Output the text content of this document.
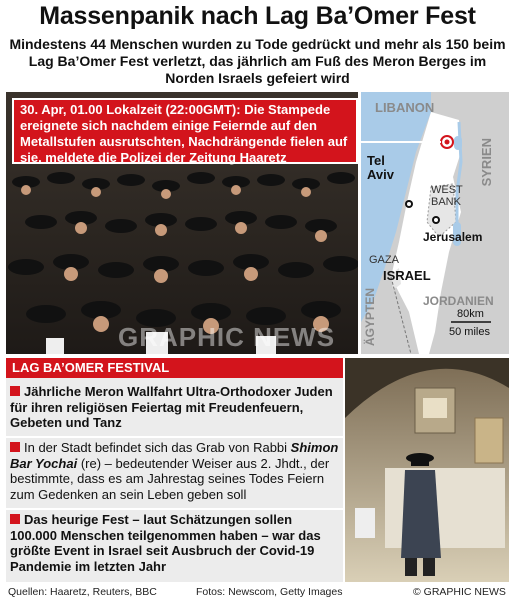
Massenpanik nach Lag Ba’Omer Fest
Mindestens 44 Menschen wurden zu Tode gedrückt und mehr als 150 beim Lag Ba’Omer Fest verletzt, das jährlich am Fuß des Meron Berges im Norden Israels gefeiert wird
30. Apr, 01.00 Lokalzeit (22:00GMT): Die Stampede ereignete sich nachdem einige Feiernde auf den Metallstufen ausrutschten, Nachdrängende fielen auf sie, meldete die Polizei der Zeitung Haaretz
LIBANON
SYRIEN
Tel Aviv
WEST BANK
Jerusalem
GAZA
ISRAEL
JORDANIEN
ÄGYPTEN	80km
50 miles
GRAPHIC NEWS
LAG BA’OMER FESTIVAL
Jährliche Meron Wallfahrt Ultra-Orthodoxer Juden für ihren religiösen Feiertag mit Freudenfeuern, Gebeten und Tanz
In der Stadt befindet sich das Grab von Rabbi Shimon Bar Yochai (re) – bedeutender Weiser aus 2. Jhdt., der bestimmte, dass es am Jahrestag seines Todes Feiern zum Gedenken an sein Leben geben soll
Das heurige Fest – laut Schätzungen sollen 100.000 Menschen teilgenommen haben – war das größte Event in Israel seit Ausbruch der Covid-19 Pandemie im letzten Jahr
Quellen: Haaretz, Reuters, BBC	Fotos: Newscom, Getty Images	© GRAPHIC NEWS
